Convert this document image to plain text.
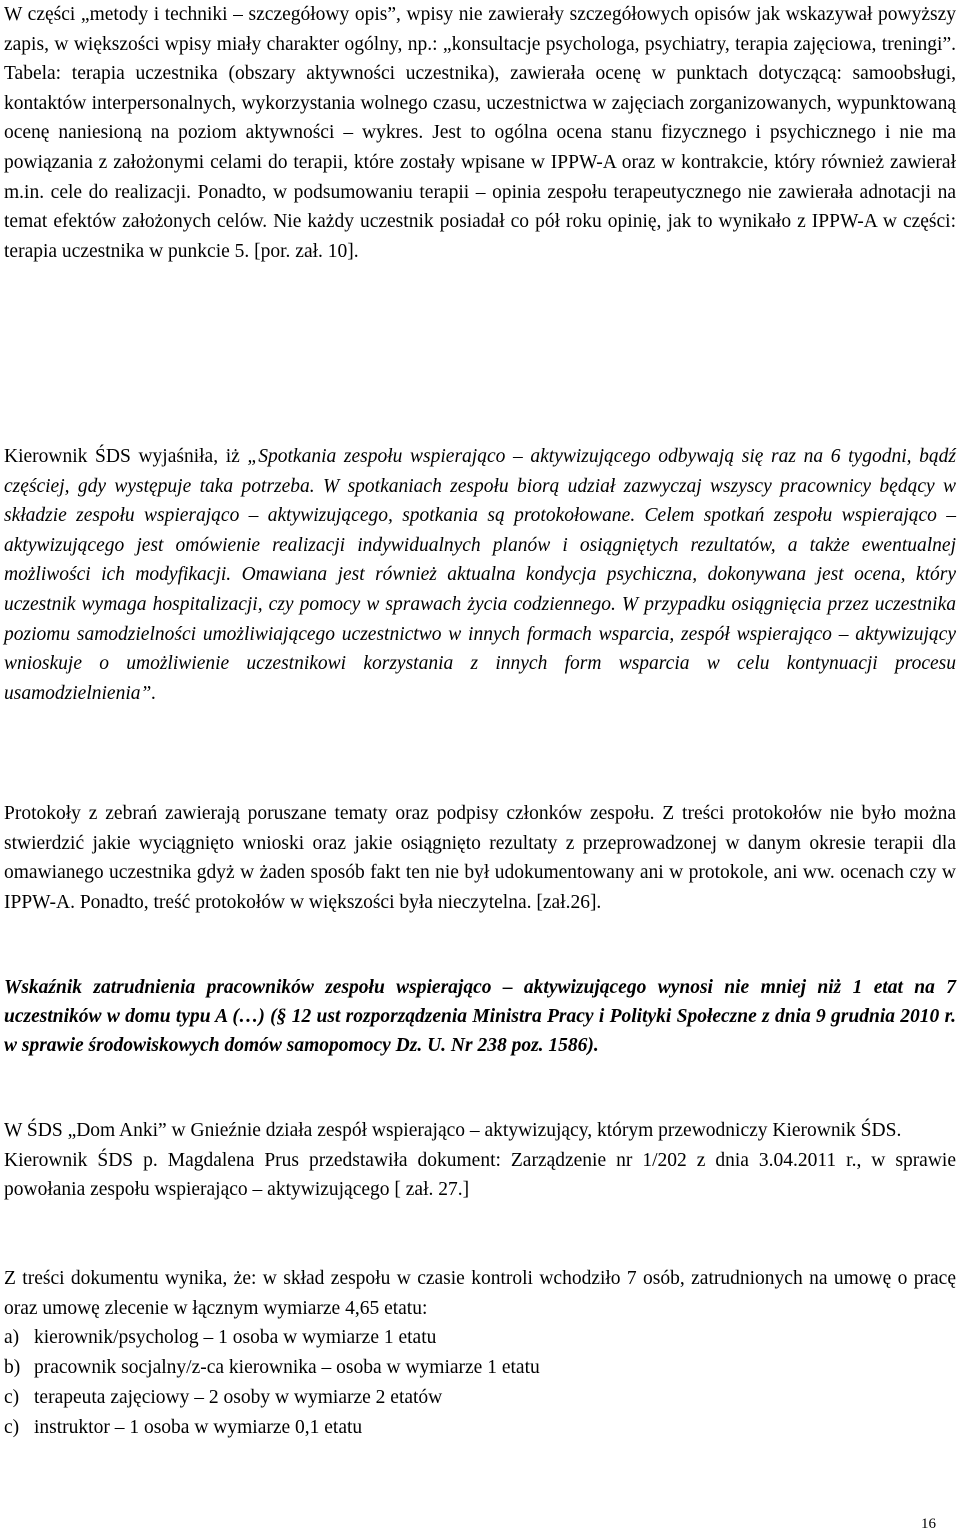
W części „metody i techniki – szczegółowy opis”, wpisy nie zawierały szczegółowych opisów jak wskazywał powyższy zapis, w większości wpisy miały charakter ogólny, np.: „konsultacje psychologa, psychiatry, terapia zajęciowa, treningi”. Tabela: terapia uczestnika (obszary aktywności uczestnika), zawierała ocenę w punktach dotyczącą: samoobsługi, kontaktów interpersonalnych, wykorzystania wolnego czasu, uczestnictwa w zajęciach zorganizowanych, wypunktowaną ocenę naniesioną na poziom aktywności – wykres. Jest to ogólna ocena stanu fizycznego i psychicznego i nie ma powiązania z założonymi celami do terapii, które zostały wpisane w IPPW-A oraz w kontrakcie, który również zawierał m.in. cele do realizacji. Ponadto, w podsumowaniu terapii – opinia zespołu terapeutycznego nie zawierała adnotacji na temat efektów założonych celów. Nie każdy uczestnik posiadał co pół roku opinię, jak to wynikało z IPPW-A w części: terapia uczestnika w punkcie 5. [por. zał. 10].

Kierownik ŚDS wyjaśniła, iż „Spotkania zespołu wspierająco – aktywizującego odbywają się raz na 6 tygodni, bądź częściej, gdy występuje taka potrzeba. W spotkaniach zespołu biorą udział zazwyczaj wszyscy pracownicy będący w składzie zespołu wspierająco – aktywizującego, spotkania są protokołowane. Celem spotkań zespołu wspierająco – aktywizującego jest omówienie realizacji indywidualnych planów i osiągniętych rezultatów, a także ewentualnej możliwości ich modyfikacji. Omawiana jest również aktualna kondycja psychiczna, dokonywana jest ocena, który uczestnik wymaga hospitalizacji, czy pomocy w sprawach życia codziennego. W przypadku osiągnięcia przez uczestnika poziomu samodzielności umożliwiającego uczestnictwo w innych formach wsparcia, zespół wspierająco – aktywizujący wnioskuje o umożliwienie uczestnikowi korzystania z innych form wsparcia w celu kontynuacji procesu usamodzielnienia”.

Protokoły z zebrań zawierają poruszane tematy oraz podpisy członków zespołu. Z treści protokołów nie było można stwierdzić jakie wyciągnięto wnioski oraz jakie osiągnięto rezultaty z przeprowadzonej w danym okresie terapii dla omawianego uczestnika gdyż w żaden sposób fakt ten nie był udokumentowany ani w protokole, ani ww. ocenach czy w IPPW-A. Ponadto, treść protokołów w większości była nieczytelna. [zał.26].

Wskaźnik zatrudnienia pracowników zespołu wspierająco – aktywizującego wynosi nie mniej niż 1 etat na 7 uczestników w domu typu A (…) (§ 12 ust rozporządzenia Ministra Pracy i Polityki Społeczne z dnia 9 grudnia 2010 r. w sprawie środowiskowych domów samopomocy Dz. U. Nr 238 poz. 1586).

W ŚDS „Dom Anki” w Gnieźnie działa zespół wspierająco – aktywizujący, którym przewodniczy Kierownik ŚDS.
Kierownik ŚDS p. Magdalena Prus przedstawiła dokument: Zarządzenie nr 1/202 z dnia 3.04.2011 r., w sprawie powołania zespołu wspierająco – aktywizującego [ zał. 27.]

Z treści dokumentu wynika, że: w skład zespołu w czasie kontroli wchodziło 7 osób, zatrudnionych na umowę o pracę oraz umowę zlecenie w łącznym wymiarze 4,65 etatu:

a) kierownik/psycholog – 1 osoba w wymiarze 1 etatu
b) pracownik socjalny/z-ca kierownika – osoba w wymiarze 1 etatu
c) terapeuta zajęciowy – 2 osoby w wymiarze 2 etatów
c) instruktor – 1 osoba w wymiarze 0,1 etatu
16
